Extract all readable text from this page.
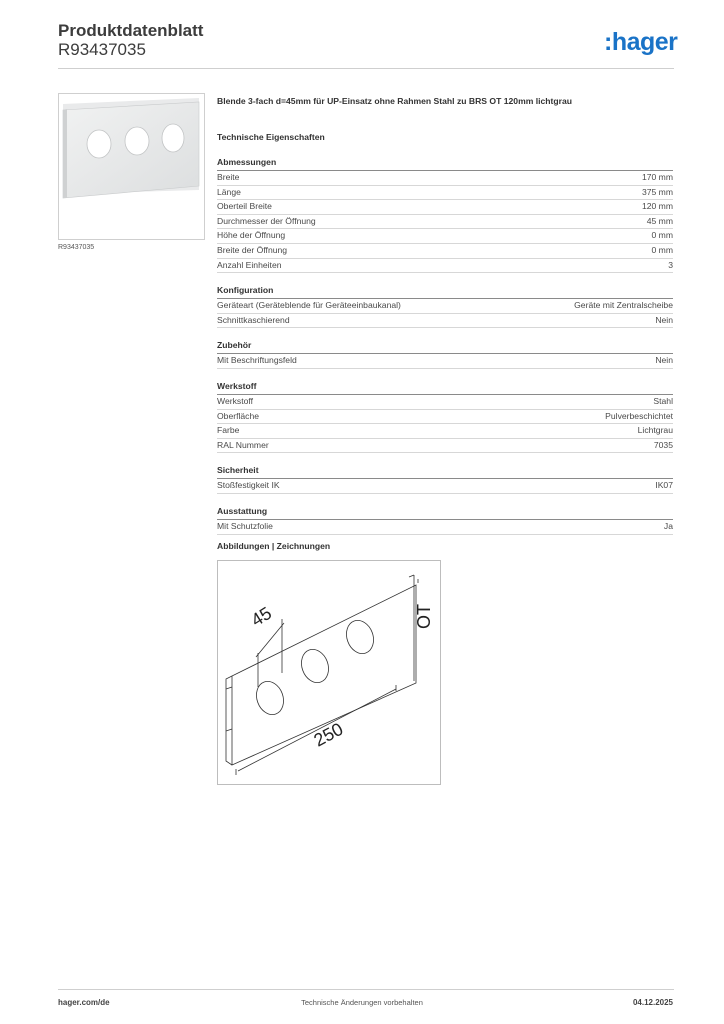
Produktdatenblatt
R93437035	:hager
R93437035
Blende 3-fach d=45mm für UP-Einsatz ohne Rahmen Stahl zu BRS OT 120mm lichtgrau
Technische Eigenschaften
Abmessungen
Breite	170 mm
Länge	375 mm
Oberteil Breite	120 mm
Durchmesser der Öffnung	45 mm
Höhe der Öffnung	0 mm
Breite der Öffnung	0 mm
Anzahl Einheiten	3
Konfiguration
Geräteart (Geräteblende für Geräteeinbaukanal)	Geräte mit Zentralscheibe
Schnittkaschierend	Nein
Zubehör
Mit Beschriftungsfeld	Nein
Werkstoff
Werkstoff	Stahl
Oberfläche	Pulverbeschichtet
Farbe	Lichtgrau
RAL Nummer	7035
Sicherheit
Stoßfestigkeit IK	IK07
Ausstattung
Mit Schutzfolie	Ja
Abbildungen | Zeichnungen
45
250
OT
hager.com/de	Technische Änderungen vorbehalten	04.12.2025
